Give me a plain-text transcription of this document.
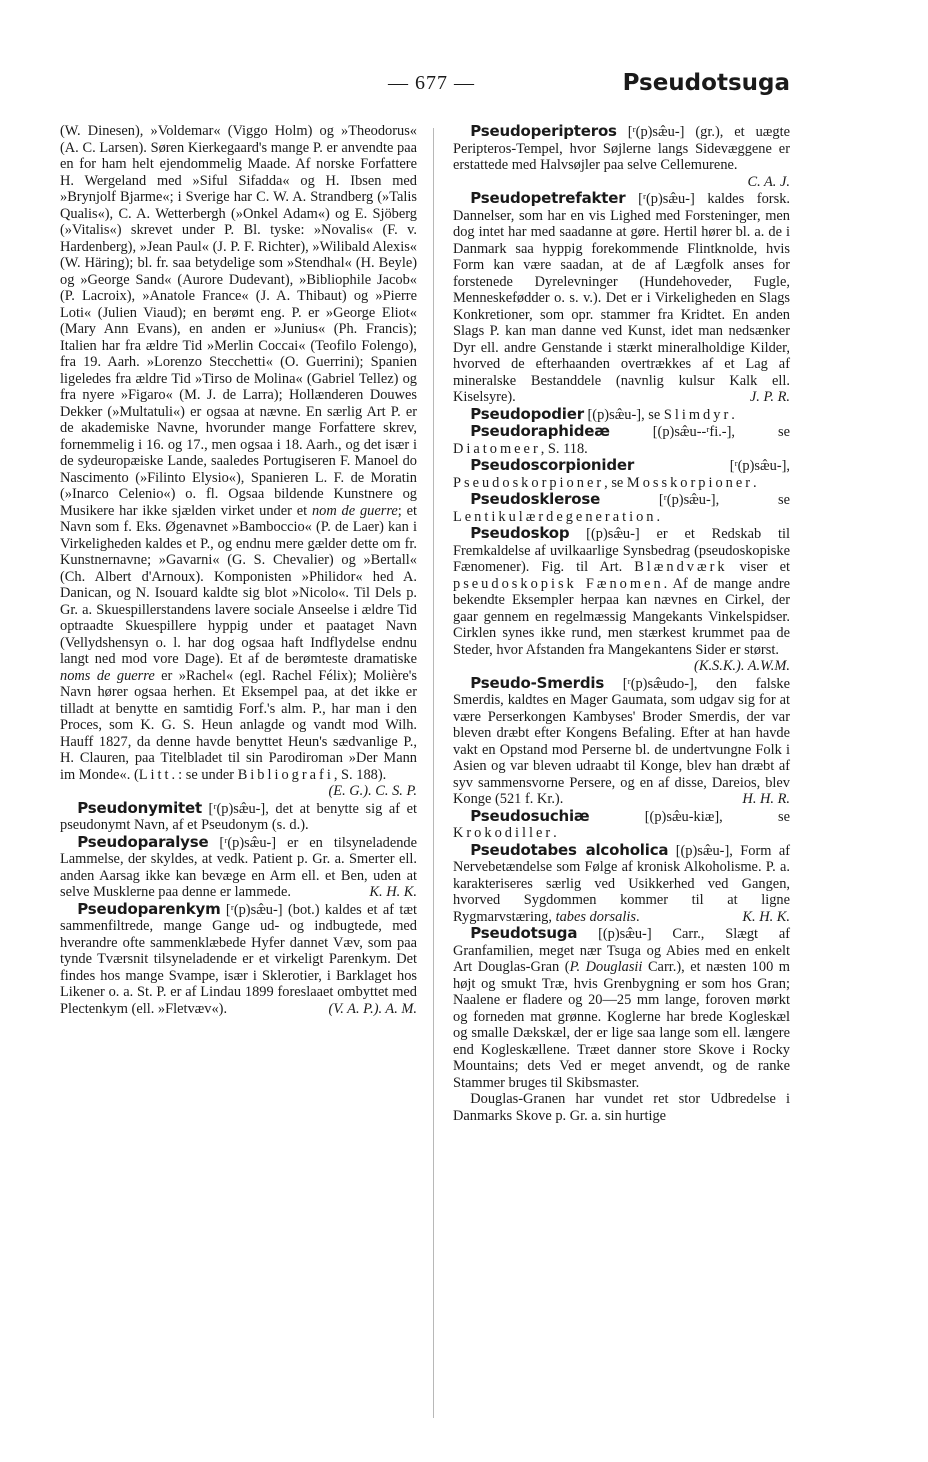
— 677 —	Pseudotsuga

(W. Dinesen), »Voldemar« (Viggo Holm) og »Theodorus« (A. C. Larsen). Søren Kierkegaard's mange P. er anvendte paa en for ham helt ejendommelig Maade. Af norske Forfattere H. Wergeland med »Siful Sifadda« og H. Ibsen med »Brynjolf Bjarme«; i Sverige har C. W. A. Strandberg (»Talis Qualis«), C. A. Wetterbergh (»Onkel Adam«) og E. Sjöberg (»Vitalis«) skrevet under P. Bl. tyske: »Novalis« (F. v. Hardenberg), »Jean Paul« (J. P. F. Richter), »Wilibald Alexis« (W. Häring); bl. fr. saa betydelige som »Stendhal« (H. Beyle) og »George Sand« (Aurore Dudevant), »Bibliophile Jacob« (P. Lacroix), »Anatole France« (J. A. Thibaut) og »Pierre Loti« (Julien Viaud); en berømt eng. P. er »George Eliot« (Mary Ann Evans), en anden er »Junius« (Ph. Francis); Italien har fra ældre Tid »Merlin Coccai« (Teofilo Folengo), fra 19. Aarh. »Lorenzo Stecchetti« (O. Guerrini); Spanien ligeledes fra ældre Tid »Tirso de Molina« (Gabriel Tellez) og fra nyere »Figaro« (M. J. de Larra); Hollænderen Douwes Dekker (»Multatuli«) er ogsaa at nævne. En særlig Art P. er de akademiske Navne, hvorunder mange Forfattere skrev, fornemmelig i 16. og 17., men ogsaa i 18. Aarh., og det især i de sydeuropæiske Lande, saaledes Portugiseren F. Manoel do Nascimento (»Filinto Elysio«), Spanieren L. F. de Moratin (»Inarco Celenio«) o. fl. Ogsaa bildende Kunstnere og Musikere har ikke sjælden virket under et nom de guerre; et Navn som f. Eks. Øgenavnet »Bamboccio« (P. de Laer) kan i Virkeligheden kaldes et P., og endnu mere gælder dette om fr. Kunstnernavne; »Gavarni« (G. S. Chevalier) og »Bertall« (Ch. Albert d'Arnoux). Komponisten »Philidor« hed A. Danican, og N. Isouard kaldte sig blot »Nicolo«. Til Dels p. Gr. a. Skuespillerstandens lavere sociale Anseelse i ældre Tid optraadte Skuespillere hyppig under et paataget Navn (Vellydshensyn o. l. har dog ogsaa haft Indflydelse endnu langt ned mod vore Dage). Et af de berømteste dramatiske noms de guerre er »Rachel« (egl. Rachel Félix); Molière's Navn hører ogsaa herhen. Et Eksempel paa, at det ikke er tilladt at benytte en samtidig Forf.'s alm. P., har man i den Proces, som K. G. S. Heun anlagde og vandt mod Wilh. Hauff 1827, da denne havde benyttet Heun's sædvanlige P., H. Clauren, paa Titelbladet til sin Parodiroman »Der Mann im Monde«. (Litt.: se under Bibliografi, S. 188).
(E. G.). C. S. P.

Pseudonymitet [ʳ(p)sæ̂u-], det at benytte sig af et pseudonymt Navn, af et Pseudonym (s. d.).

Pseudoparalyse [ʳ(p)sæ̂u-] er en tilsyneladende Lammelse, der skyldes, at vedk. Patient p. Gr. a. Smerter ell. anden Aarsag ikke kan bevæge en Arm ell. et Ben, uden at selve Musklerne paa denne er lammede.	K. H. K.

Pseudoparenkym [ʳ(p)sæ̂u-] (bot.) kaldes et af tæt sammenfiltrede, mange Gange ud- og indbugtede, med hverandre ofte sammenklæbede Hyfer dannet Væv, som paa tynde Tværsnit tilsyneladende er et virkeligt Parenkym. Det findes hos mange Svampe, især i Sklerotier, i Barklaget hos Likener o. a. St. P. er af Lindau 1899 foreslaaet ombyttet med Plectenkym (ell. »Fletvæv«).	(V. A. P.). A. M.

Pseudoperipteros [ʳ(p)sæ̂u-] (gr.), et uægte Peripteros-Tempel, hvor Søjlerne langs Sidevæggene er erstattede med Halvsøjler paa selve Cellemurene.
C. A. J.

Pseudopetrefakter [ʳ(p)sæ̂u-] kaldes forsk. Dannelser, som har en vis Lighed med Forsteninger, men dog intet har med saadanne at gøre. Hertil hører bl. a. de i Danmark saa hyppig forekommende Flintknolde, hvis Form kan være saadan, at de af Lægfolk anses for forstenede Dyrelevninger (Hundehoveder, Fugle, Menneskefødder o. s. v.). Det er i Virkeligheden en Slags Konkretioner, som opr. stammer fra Kridtet. En anden Slags P. kan man danne ved Kunst, idet man nedsænker Dyr ell. andre Genstande i stærkt mineralholdige Kilder, hvorved de efterhaanden overtrækkes af et Lag af mineralske Bestanddele (navnlig kulsur Kalk ell. Kiselsyre).	J. P. R.

Pseudopodier [(p)sæ̂u-], se Slimdyr.

Pseudoraphideæ [(p)sæ̂u--ʳfi.-], se Diatomeer, S. 118.

Pseudoscorpionider [ʳ(p)sæ̂u-], Pseudoskorpioner, se Mosskorpioner.

Pseudosklerose [ʳ(p)sæ̂u-], se Lentikulærdegeneration.

Pseudoskop [(p)sæ̂u-] er et Redskab til Fremkaldelse af uvilkaarlige Synsbedrag (pseudoskopiske Fænomener). Fig. til Art. Blændværk viser et pseudoskopisk Fænomen. Af de mange andre bekendte Eksempler herpaa kan nævnes en Cirkel, der gaar gennem en regelmæssig Mangekants Vinkelspidser. Cirklen synes ikke rund, men stærkest krummet paa de Steder, hvor Afstanden fra Mangekantens Sider er størst.
(K.S.K.). A.W.M.

Pseudo-Smerdis [ʳ(p)sæ̂udo-], den falske Smerdis, kaldtes en Mager Gaumata, som udgav sig for at være Perserkongen Kambyses' Broder Smerdis, der var bleven dræbt efter Kongens Befaling. Efter at han havde vakt en Opstand mod Perserne bl. de undertvungne Folk i Asien og var bleven udraabt til Konge, blev han dræbt af syv sammensvorne Persere, og en af disse, Dareios, blev Konge (521 f. Kr.).	H. H. R.

Pseudosuchiæ [(p)sæ̂u-kiæ], se Krokodiller.

Pseudotabes alcoholica [(p)sæ̂u-], Form af Nervebetændelse som Følge af kronisk Alkoholisme. P. a. karakteriseres særlig ved Usikkerhed ved Gangen, hvorved Sygdommen kommer til at ligne Rygmarvstæring, tabes dorsalis.	K. H. K.

Pseudotsuga [(p)sæ̂u-] Carr., Slægt af Granfamilien, meget nær Tsuga og Abies med en enkelt Art Douglas-Gran (P. Douglasii Carr.), et næsten 100 m højt og smukt Træ, hvis Grenbygning er som hos Gran; Naalene er fladere og 20—25 mm lange, foroven mørkt og forneden mat grønne. Koglerne har brede Kogleskæl og smalle Dækskæl, der er lige saa lange som ell. længere end Kogleskællene. Træet danner store Skove i Rocky Mountains; dets Ved er meget anvendt, og de ranke Stammer bruges til Skibsmaster.

Douglas-Granen har vundet ret stor Udbredelse i Danmarks Skove p. Gr. a. sin hurtige
